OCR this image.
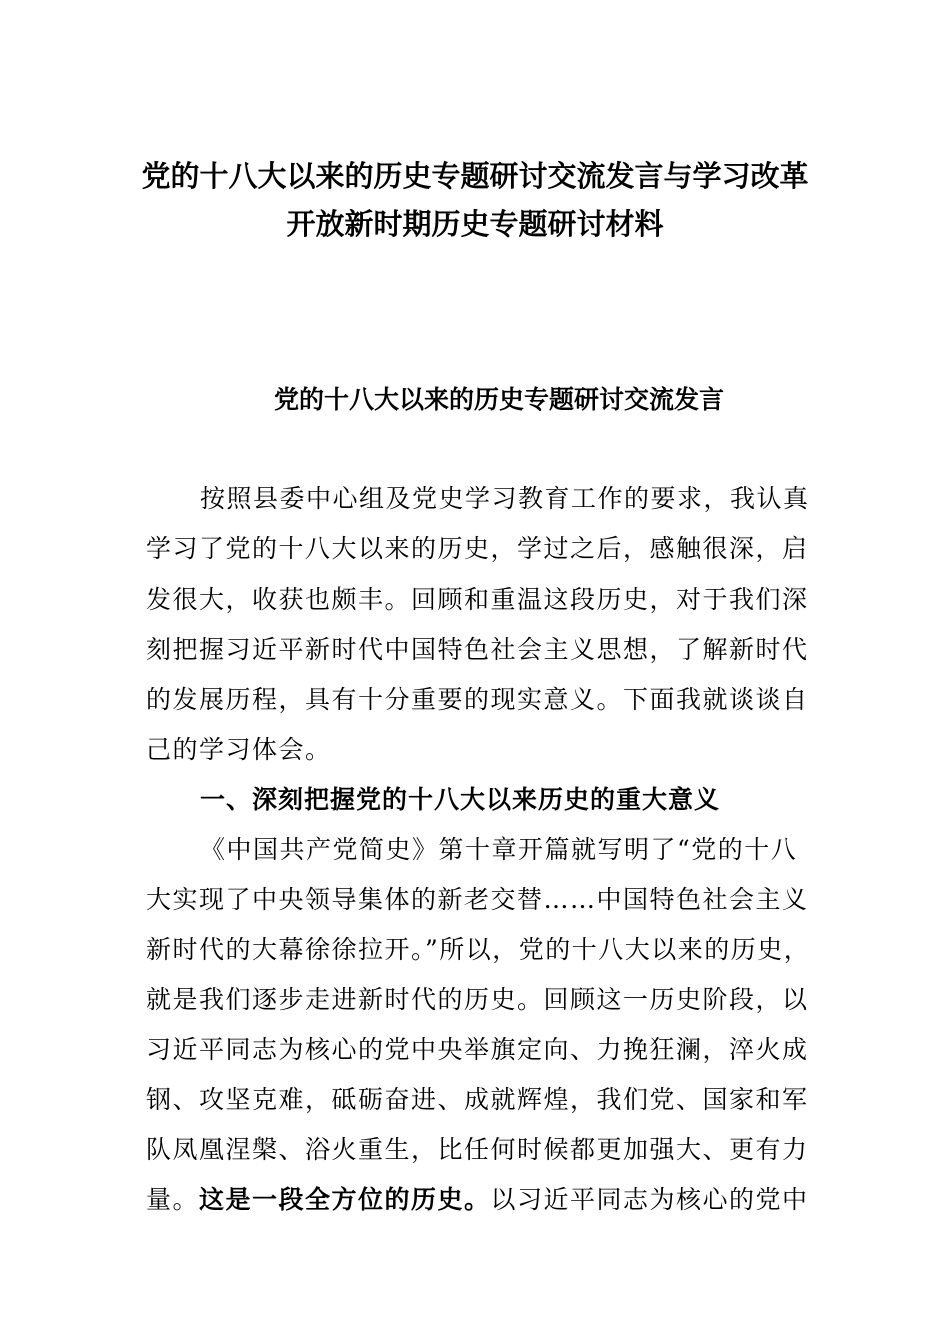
党的十八大以来的历史专题研讨交流发言与学习改革
开放新时期历史专题研讨材料
党的十八大以来的历史专题研讨交流发言
按照县委中心组及党史学习教育工作的要求，我认真
学习了党的十八大以来的历史，学过之后，感触很深，启
发很大，收获也颇丰。回顾和重温这段历史，对于我们深
刻把握习近平新时代中国特色社会主义思想，了解新时代
的发展历程，具有十分重要的现实意义。下面我就谈谈自
己的学习体会。
一、深刻把握党的十八大以来历史的重大意义
《中国共产党简史》第十章开篇就写明了“党的十八
大实现了中央领导集体的新老交替……中国特色社会主义
新时代的大幕徐徐拉开。”所以，党的十八大以来的历史，
就是我们逐步走进新时代的历史。回顾这一历史阶段，以
习近平同志为核心的党中央举旗定向、力挽狂澜，淬火成
钢、攻坚克难，砥砺奋进、成就辉煌，我们党、国家和军
队凤凰涅槃、浴火重生，比任何时候都更加强大、更有力
量。这是一段全方位的历史。以习近平同志为核心的党中
